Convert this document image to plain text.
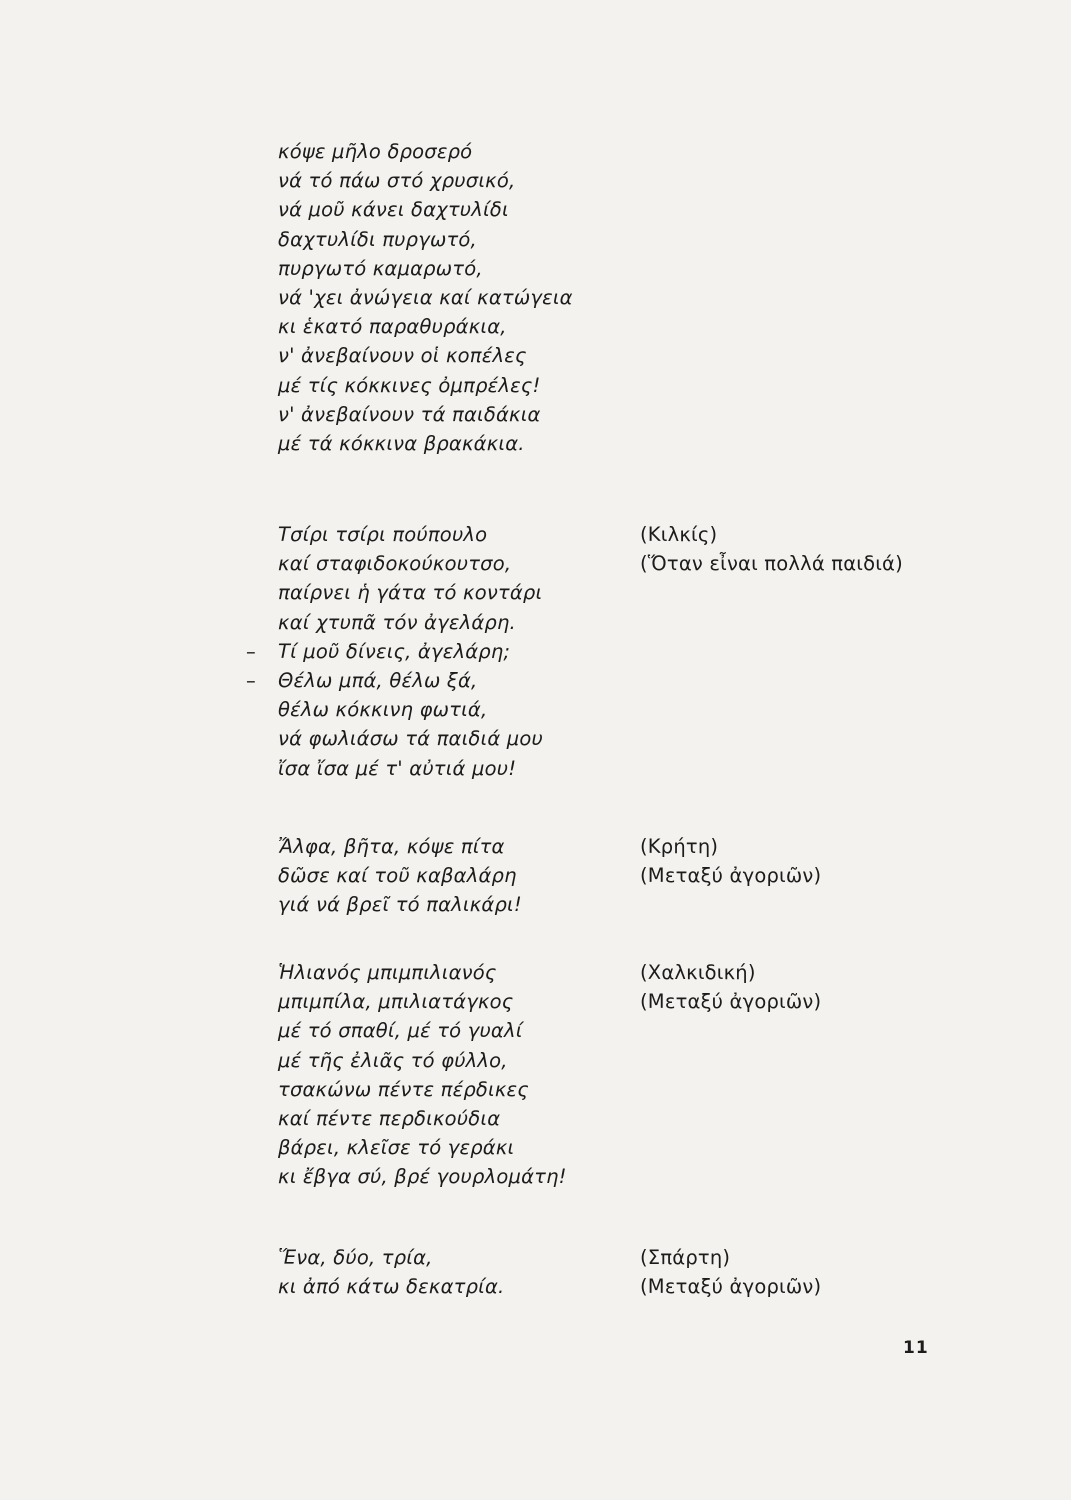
κόψε μῆλο δροσερό
νά τό πάω στό χρυσικό,
νά μοῦ κάνει δαχτυλίδι
δαχτυλίδι πυργωτό,
πυργωτό καμαρωτό,
νά 'χει ἀνώγεια καί κατώγεια
κι ἑκατό παραθυράκια,
ν' ἀνεβαίνουν οἱ κοπέλες
μέ τίς κόκκινες ὀμπρέλες!
ν' ἀνεβαίνουν τά παιδάκια
μέ τά κόκκινα βρακάκια.
Τσίρι τσίρι πούπουλο
καί σταφιδοκούκουτσο,
παίρνει ἡ γάτα τό κοντάρι
καί χτυπᾶ τόν ἀγελάρη.
– Τί μοῦ δίνεις, ἀγελάρη;
– Θέλω μπά, θέλω ξά,
θέλω κόκκινη φωτιά,
νά φωλιάσω τά παιδιά μου
ἴσα ἴσα μέ τ' αὐτιά μου!
(Κιλκίς)
(Ὅταν εἶναι πολλά παιδιά)
Ἄλφα, βῆτα, κόψε πίτα
δῶσε καί τοῦ καβαλάρη
γιά νά βρεῖ τό παλικάρι!
(Κρήτη)
(Μεταξύ ἀγοριῶν)
Ἡλιανός μπιμπιλιανός
μπιμπίλα, μπιλιατάγκος
μέ τό σπαθί, μέ τό γυαλί
μέ τῆς ἐλιᾶς τό φύλλο,
τσακώνω πέντε πέρδικες
καί πέντε περδικούδια
βάρει, κλεῖσε τό γεράκι
κι ἔβγα σύ, βρέ γουρλομάτη!
(Χαλκιδική)
(Μεταξύ ἀγοριῶν)
Ἕνα, δύο, τρία,
κι ἀπό κάτω δεκατρία.
(Σπάρτη)
(Μεταξύ ἀγοριῶν)
11
